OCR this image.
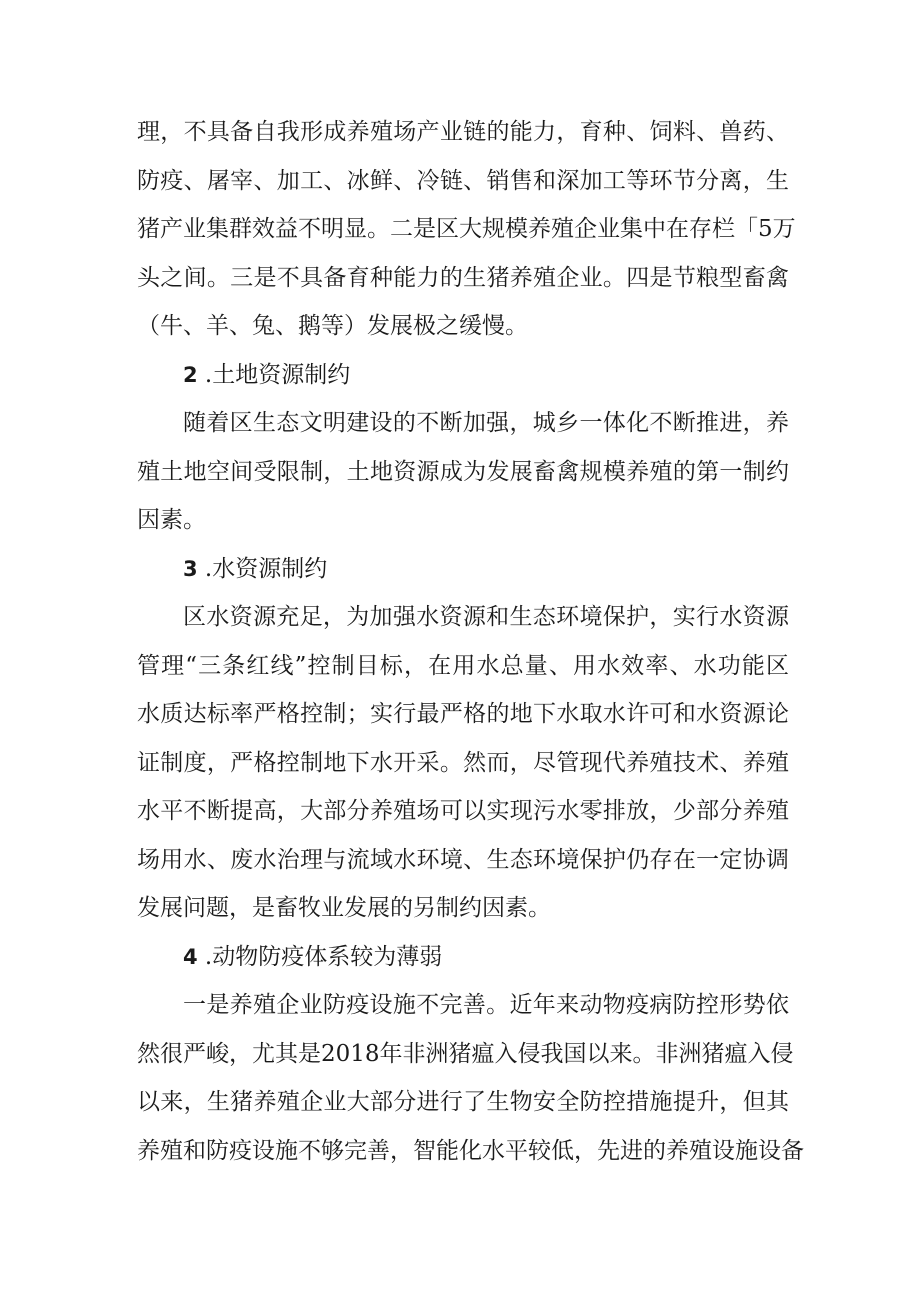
理，不具备自我形成养殖场产业链的能力，育种、饲料、兽药、
防疫、屠宰、加工、冰鲜、冷链、销售和深加工等环节分离，生
猪产业集群效益不明显。二是区大规模养殖企业集中在存栏「5万
头之间。三是不具备育种能力的生猪养殖企业。四是节粮型畜禽
（牛、羊、兔、鹅等）发展极之缓慢。
2 .土地资源制约
随着区生态文明建设的不断加强，城乡一体化不断推进，养
殖土地空间受限制，土地资源成为发展畜禽规模养殖的第一制约
因素。
3 .水资源制约
区水资源充足，为加强水资源和生态环境保护，实行水资源
管理“三条红线”控制目标，在用水总量、用水效率、水功能区
水质达标率严格控制；实行最严格的地下水取水许可和水资源论
证制度，严格控制地下水开采。然而，尽管现代养殖技术、养殖
水平不断提高，大部分养殖场可以实现污水零排放，少部分养殖
场用水、废水治理与流域水环境、生态环境保护仍存在一定协调
发展问题，是畜牧业发展的另制约因素。
4 .动物防疫体系较为薄弱
一是养殖企业防疫设施不完善。近年来动物疫病防控形势依
然很严峻，尤其是2018年非洲猪瘟入侵我国以来。非洲猪瘟入侵
以来，生猪养殖企业大部分进行了生物安全防控措施提升，但其
养殖和防疫设施不够完善，智能化水平较低，先进的养殖设施设备
